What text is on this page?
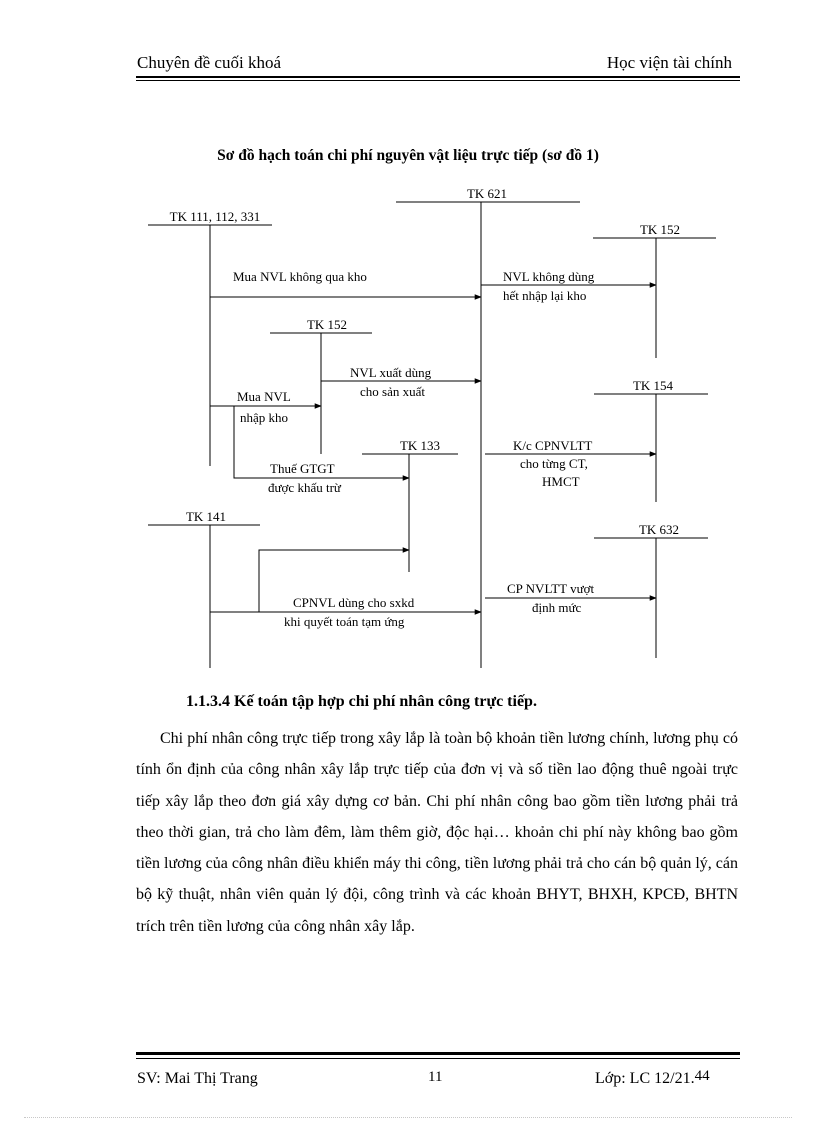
Chuyên đề cuối khoá	Học viện tài chính
Sơ đồ hạch toán chi phí nguyên vật liệu trực tiếp (sơ đồ 1)
TK 621
TK 111, 112, 331
TK 152
TK 152
TK 154
TK 133
TK 141
TK 632
Mua NVL không qua kho	NVL không dùng
hết nhập lại kho
NVL xuất dùng
cho sản xuất
Mua NVL
nhập kho
K/c CPNVLTT
cho từng CT,
HMCT
Thuế GTGT
được khấu trừ
CPNVL dùng cho sxkd
khi quyết toán tạm ứng
CP NVLTT vượt
định mức
1.1.3.4 Kế toán tập hợp chi phí nhân công trực tiếp.
Chi phí nhân công trực tiếp trong xây lắp là toàn bộ khoản tiền lương chính, lương phụ có tính ổn định của công nhân xây lắp trực tiếp của đơn vị và số tiền lao động thuê ngoài trực tiếp xây lắp theo đơn giá xây dựng cơ bản. Chi phí nhân công bao gồm tiền lương phải trả theo thời gian, trả cho làm đêm, làm thêm giờ, độc hại… khoản chi phí này không bao gồm tiền lương của công nhân điều khiển máy thi công, tiền lương phải trả cho cán bộ quản lý, cán bộ kỹ thuật, nhân viên quản lý đội, công trình và các khoản BHYT, BHXH, KPCĐ, BHTN trích trên tiền lương của công nhân xây lắp.
SV: Mai Thị Trang	11	Lớp: LC 12/21.44
